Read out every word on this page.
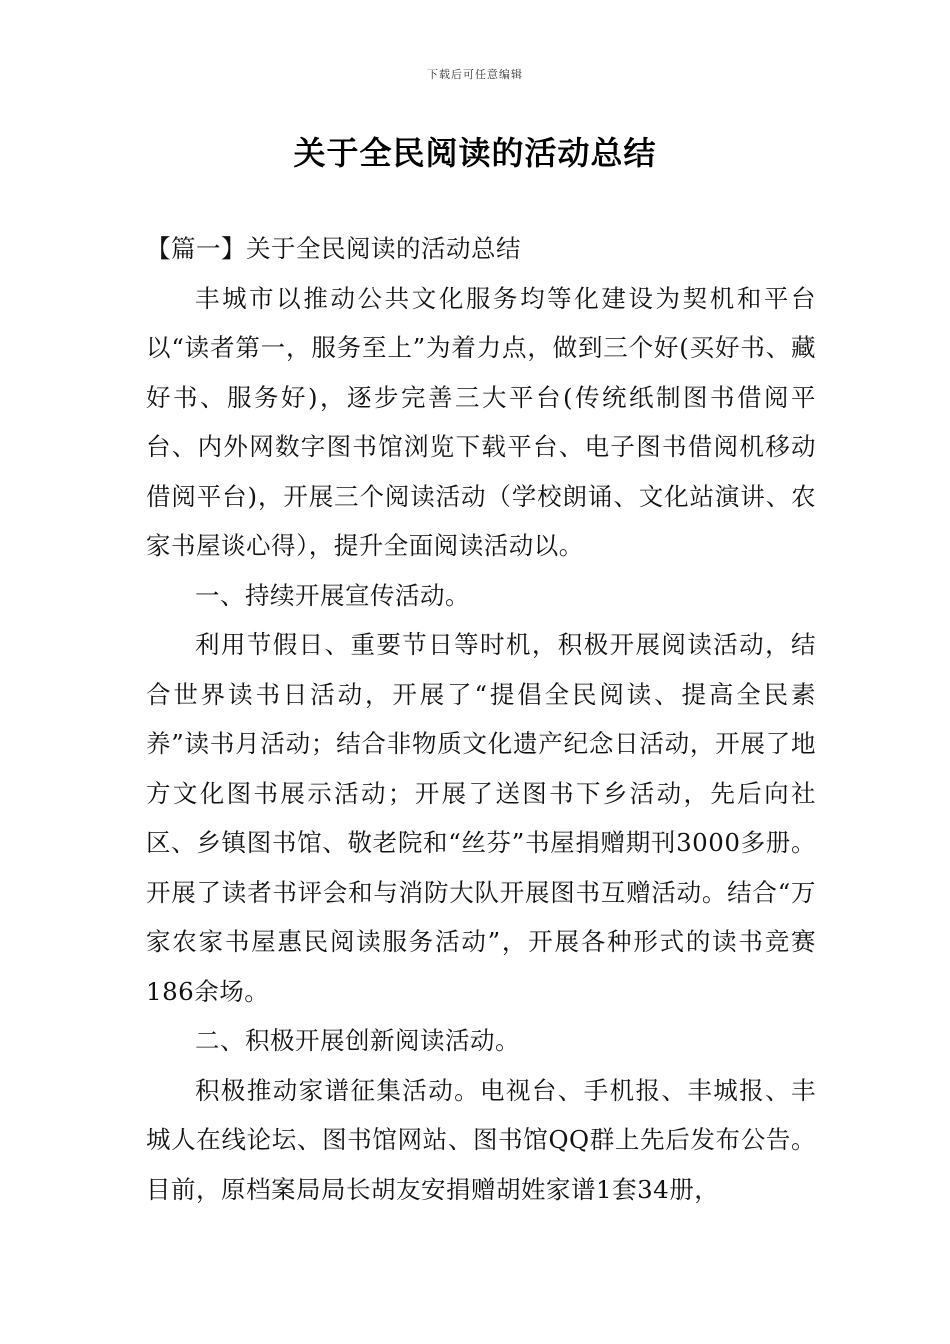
下载后可任意编辑
关于全民阅读的活动总结

【篇一】关于全民阅读的活动总结

丰城市以推动公共文化服务均等化建设为契机和平台以“读者第一，服务至上”为着力点，做到三个好(买好书、藏好书、服务好)，逐步完善三大平台(传统纸制图书借阅平台、内外网数字图书馆浏览下载平台、电子图书借阅机移动借阅平台)，开展三个阅读活动（学校朗诵、文化站演讲、农家书屋谈心得），提升全面阅读活动以。

一、持续开展宣传活动。

利用节假日、重要节日等时机，积极开展阅读活动，结合世界读书日活动，开展了“提倡全民阅读、提高全民素养”读书月活动；结合非物质文化遗产纪念日活动，开展了地方文化图书展示活动；开展了送图书下乡活动，先后向社区、乡镇图书馆、敬老院和“丝芬”书屋捐赠期刊3000多册。开展了读者书评会和与消防大队开展图书互赠活动。结合“万家农家书屋惠民阅读服务活动”，开展各种形式的读书竞赛186余场。

二、积极开展创新阅读活动。

积极推动家谱征集活动。电视台、手机报、丰城报、丰城人在线论坛、图书馆网站、图书馆QQ群上先后发布公告。目前，原档案局局长胡友安捐赠胡姓家谱1套34册，
